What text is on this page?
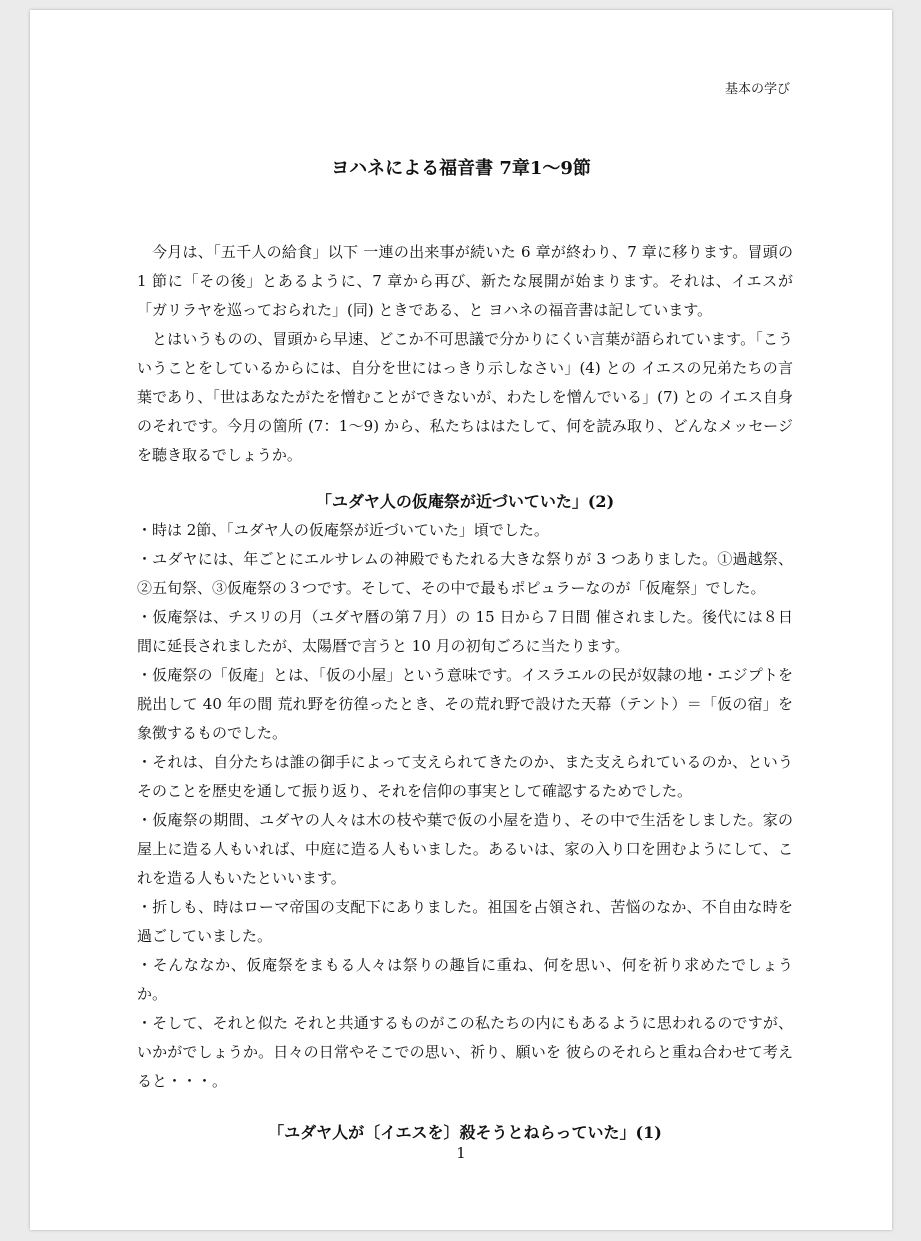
基本の学び
ヨハネによる福音書 7章1〜9節

今月は、「五千人の給食」以下 一連の出来事が続いた 6 章が終わり、7 章に移ります。冒頭の 1 節に「その後」とあるように、7 章から再び、新たな展開が始まります。それは、イエスが「ガリラヤを巡っておられた」(同) ときである、と ヨハネの福音書は記しています。

とはいうものの、冒頭から早速、どこか不可思議で分かりにくい言葉が語られています。「こういうことをしているからには、自分を世にはっきり示しなさい」(4) との イエスの兄弟たちの言葉であり、「世はあなたがたを憎むことができないが、わたしを憎んでいる」(7) との イエス自身のそれです。今月の箇所 (7：1〜9) から、私たちははたして、何を読み取り、どんなメッセージを聴き取るでしょうか。

「ユダヤ人の仮庵祭が近づいていた」(2)

・時は 2節、「ユダヤ人の仮庵祭が近づいていた」頃でした。

・ユダヤには、年ごとにエルサレムの神殿でもたれる大きな祭りが 3 つありました。①過越祭、②五旬祭、③仮庵祭の３つです。そして、その中で最もポピュラーなのが「仮庵祭」でした。

・仮庵祭は、チスリの月（ユダヤ暦の第７月）の 15 日から７日間 催されました。後代には８日間に延長されましたが、太陽暦で言うと 10 月の初旬ごろに当たります。

・仮庵祭の「仮庵」とは、「仮の小屋」という意味です。イスラエルの民が奴隷の地・エジプトを脱出して 40 年の間 荒れ野を彷徨ったとき、その荒れ野で設けた天幕（テント）＝「仮の宿」を象徴するものでした。

・それは、自分たちは誰の御手によって支えられてきたのか、また支えられているのか、という そのことを歴史を通して振り返り、それを信仰の事実として確認するためでした。

・仮庵祭の期間、ユダヤの人々は木の枝や葉で仮の小屋を造り、その中で生活をしました。家の屋上に造る人もいれば、中庭に造る人もいました。あるいは、家の入り口を囲むようにして、これを造る人もいたといいます。

・折しも、時はローマ帝国の支配下にありました。祖国を占領され、苦悩のなか、不自由な時を過ごしていました。

・そんななか、仮庵祭をまもる人々は祭りの趣旨に重ね、何を思い、何を祈り求めたでしょうか。

・そして、それと似た それと共通するものがこの私たちの内にもあるように思われるのですが、いかがでしょうか。日々の日常やそこでの思い、祈り、願いを 彼らのそれらと重ね合わせて考えると・・・。

「ユダヤ人が〔イエスを〕殺そうとねらっていた」(1)
1
